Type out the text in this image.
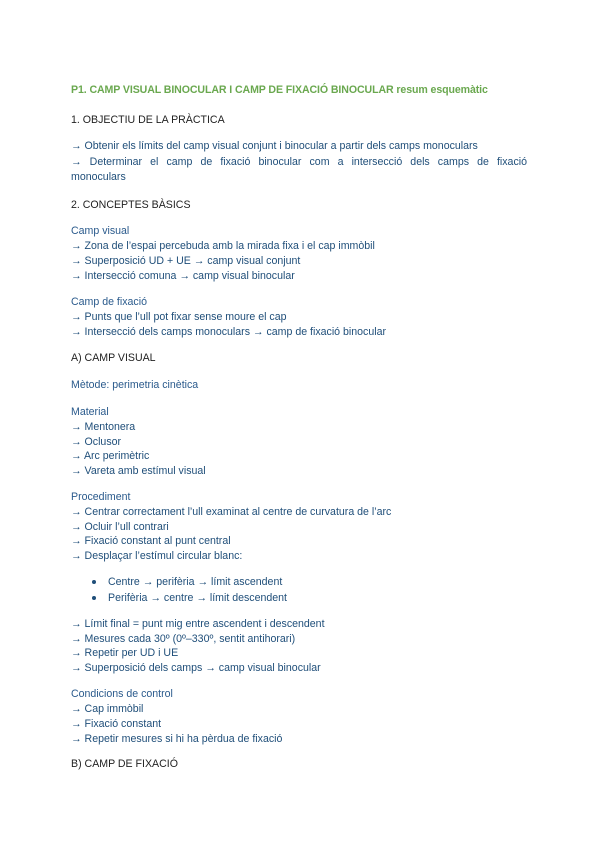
P1. CAMP VISUAL BINOCULAR I CAMP DE FIXACIÓ BINOCULAR resum esquemàtic
1. OBJECTIU DE LA PRÀCTICA
→ Obtenir els límits del camp visual conjunt i binocular a partir dels camps monoculars
→ Determinar el camp de fixació binocular com a intersecció dels camps de fixació
monoculars
2. CONCEPTES BÀSICS
Camp visual
→ Zona de l’espai percebuda amb la mirada fixa i el cap immòbil
→ Superposició UD + UE → camp visual conjunt
→ Intersecció comuna → camp visual binocular
Camp de fixació
→ Punts que l’ull pot fixar sense moure el cap
→ Intersecció dels camps monoculars → camp de fixació binocular
A) CAMP VISUAL
Mètode: perimetria cinètica
Material
→ Mentonera
→ Oclusor
→ Arc perimètric
→ Vareta amb estímul visual
Procediment
→ Centrar correctament l’ull examinat al centre de curvatura de l’arc
→ Ocluir l’ull contrari
→ Fixació constant al punt central
→ Desplaçar l’estímul circular blanc:
Centre → perifèria → límit ascendent
Perifèria → centre → límit descendent
→ Límit final = punt mig entre ascendent i descendent
→ Mesures cada 30º (0º–330º, sentit antihorari)
→ Repetir per UD i UE
→ Superposició dels camps → camp visual binocular
Condicions de control
→ Cap immòbil
→ Fixació constant
→ Repetir mesures si hi ha pèrdua de fixació
B) CAMP DE FIXACIÓ
